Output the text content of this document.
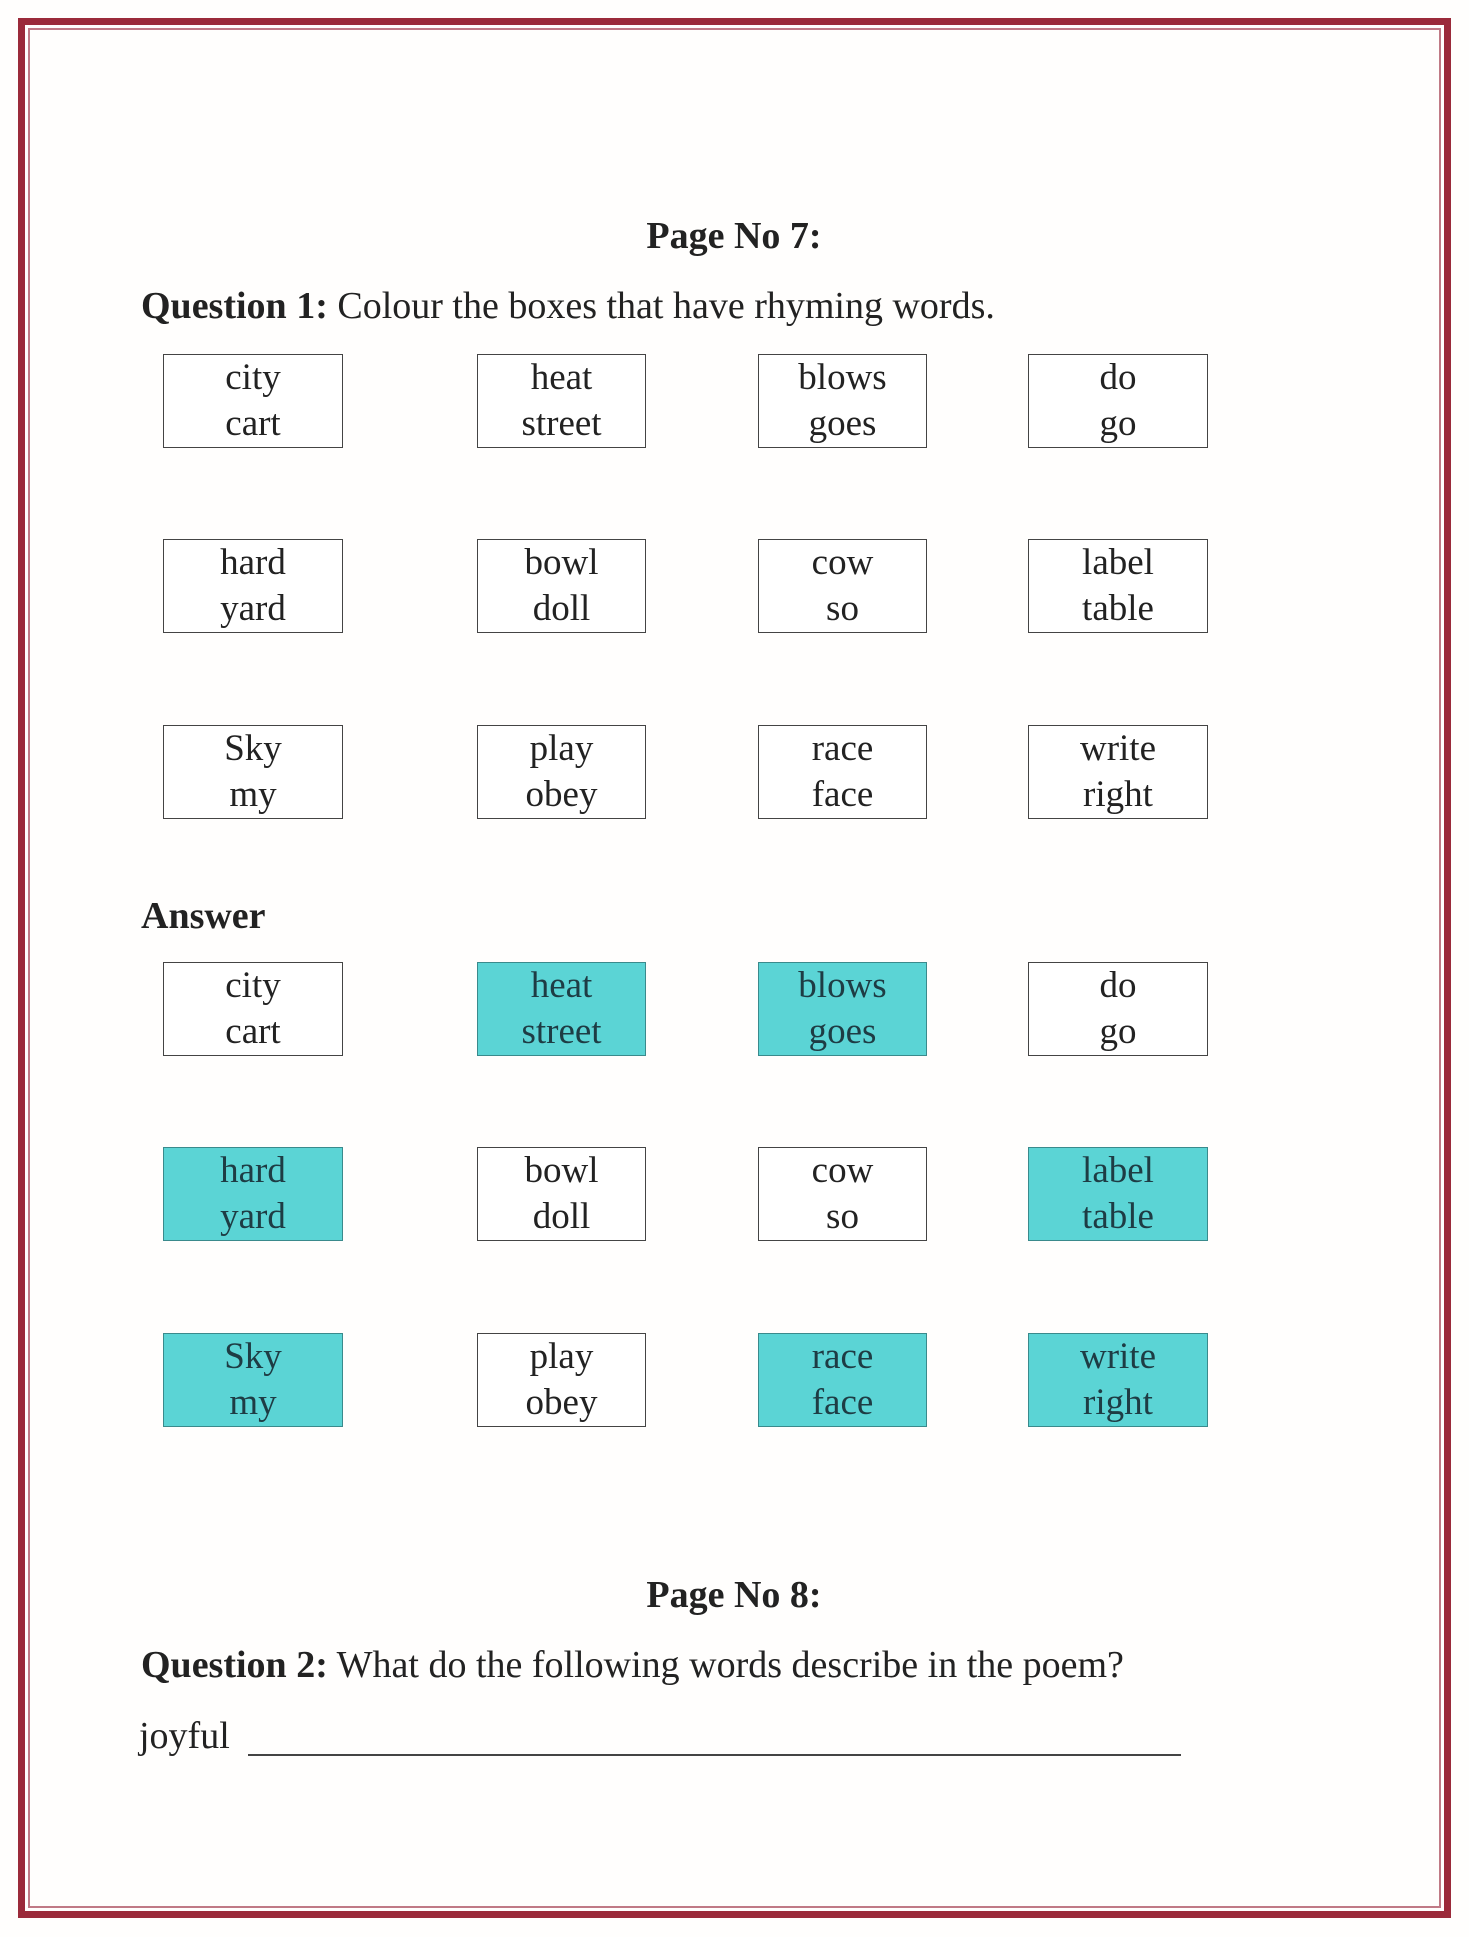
Page No 7:
Question 1: Colour the boxes that have rhyming words.
city
cart
heat
street
blows
goes
do
go
hard
yard
bowl
doll
cow
so
label
table
Sky
my
play
obey
race
face
write
right
Answer
city
cart
heat
street
blows
goes
do
go
hard
yard
bowl
doll
cow
so
label
table
Sky
my
play
obey
race
face
write
right
Page No 8:
Question 2: What do the following words describe in the poem?
joyful
